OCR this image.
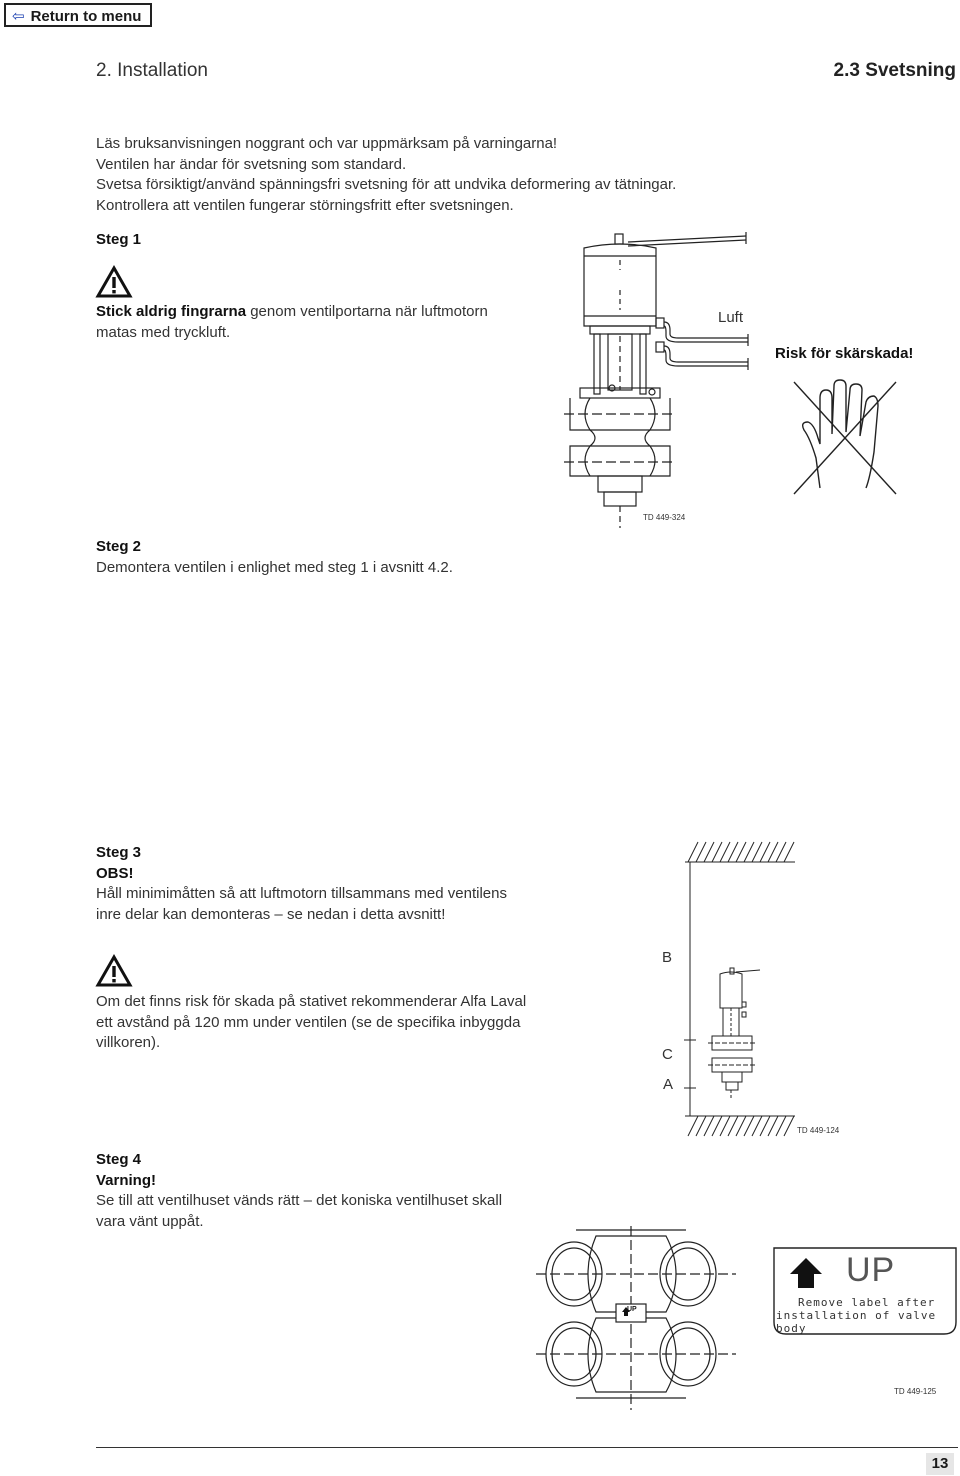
⇦ Return to menu
2. Installation	2.3 Svetsning
Läs bruksanvisningen noggrant och var uppmärksam på varningarna!
Ventilen har ändar för svetsning som standard.
Svetsa försiktigt/använd spänningsfri svetsning för att undvika deformering av tätningar.
Kontrollera att ventilen fungerar störningsfritt efter svetsningen.
Steg 1
Stick aldrig fingrarna genom ventilportarna när luftmotorn
matas med tryckluft.
Luft
Risk för skärskada!
TD 449-324
Steg 2
Demontera ventilen i enlighet med steg 1 i avsnitt 4.2.
Steg 3
OBS!
Håll minimimåtten så att luftmotorn tillsammans med ventilens
inre delar kan demonteras – se nedan i detta avsnitt!
Om det finns risk för skada på stativet rekommenderar Alfa Laval
ett avstånd på 120 mm under ventilen (se de specifika inbyggda
villkoren).
B
C
A
TD 449-124
Steg 4
Varning!
Se till att ventilhuset vänds rätt – det koniska ventilhuset skall
vara vänt uppåt.
UP
UP
Remove label after
installation of valve body
TD 449-125
13
